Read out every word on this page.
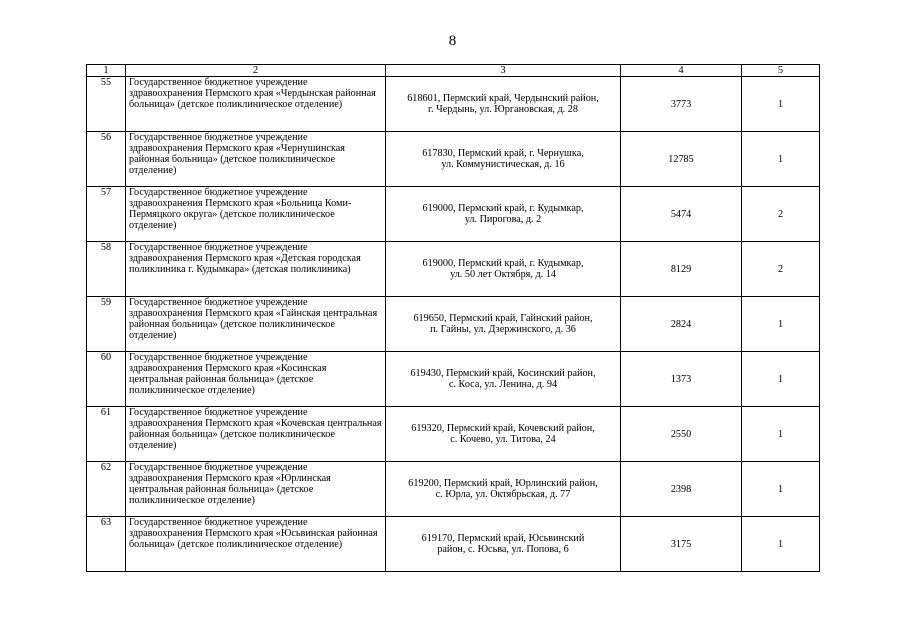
8
1	2	3	4	5
55	Государственное бюджетное учреждение здравоохранения Пермского края «Чердынская районная больница» (детское поликлиническое отделение)	618601, Пермский край, Чердынский район,
г. Чердынь, ул. Юргановская, д. 28	3773	1
56	Государственное бюджетное учреждение здравоохранения Пермского края «Чернушинская районная больница» (детское поликлиническое отделение)	617830, Пермский край, г. Чернушка,
ул. Коммунистическая, д. 16	12785	1
57	Государственное бюджетное учреждение здравоохранения Пермского края «Больница Коми-Пермяцкого округа» (детское поликлиническое отделение)	619000, Пермский край, г. Кудымкар,
ул. Пирогова, д. 2	5474	2
58	Государственное бюджетное учреждение здравоохранения Пермского края «Детская городская поликлиника г. Кудымкара» (детская поликлиника)	619000, Пермский край, г. Кудымкар,
ул. 50 лет Октября, д. 14	8129	2
59	Государственное бюджетное учреждение здравоохранения Пермского края «Гайнская центральная районная больница» (детское поликлиническое отделение)	619650, Пермский край, Гайнский район,
п. Гайны, ул. Дзержинского, д. 36	2824	1
60	Государственное бюджетное учреждение здравоохранения Пермского края «Косинская центральная районная больница» (детское поликлиническое отделение)	619430, Пермский край, Косинский район,
с. Коса, ул. Ленина, д. 94	1373	1
61	Государственное бюджетное учреждение здравоохранения Пермского края «Кочевская центральная районная больница» (детское поликлиническое отделение)	619320, Пермский край, Кочевский район,
с. Кочево, ул. Титова, 24	2550	1
62	Государственное бюджетное учреждение здравоохранения Пермского края «Юрлинская центральная районная больница» (детское поликлиническое отделение)	619200, Пермский край, Юрлинский район,
с. Юрла, ул. Октябрьская, д. 77	2398	1
63	Государственное бюджетное учреждение здравоохранения Пермского края «Юсьвинская районная больница» (детское поликлиническое отделение)	619170, Пермский край, Юсьвинский
район, с. Юсьва, ул. Попова, 6	3175	1
